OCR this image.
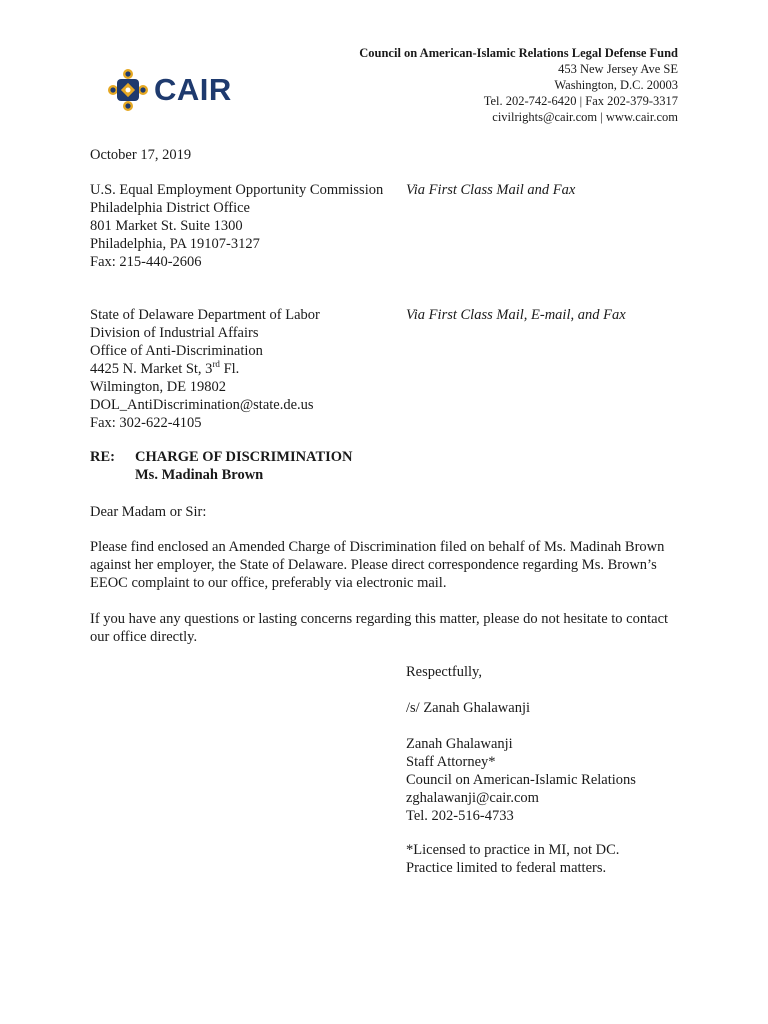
CAIR
Council on American-Islamic Relations Legal Defense Fund
453 New Jersey Ave SE
Washington, D.C. 20003
Tel. 202-742-6420 | Fax 202-379-3317
civilrights@cair.com | www.cair.com
October 17, 2019
U.S. Equal Employment Opportunity Commission
Philadelphia District Office
801 Market St. Suite 1300
Philadelphia, PA 19107-3127
Fax: 215-440-2606
Via First Class Mail and Fax
State of Delaware Department of Labor
Division of Industrial Affairs
Office of Anti-Discrimination
4425 N. Market St, 3rd Fl.
Wilmington, DE 19802
DOL_AntiDiscrimination@state.de.us
Fax: 302-622-4105
Via First Class Mail, E-mail, and Fax
RE: CHARGE OF DISCRIMINATION
Ms. Madinah Brown
Dear Madam or Sir:
Please find enclosed an Amended Charge of Discrimination filed on behalf of Ms. Madinah Brown against her employer, the State of Delaware. Please direct correspondence regarding Ms. Brown’s EEOC complaint to our office, preferably via electronic mail.
If you have any questions or lasting concerns regarding this matter, please do not hesitate to contact our office directly.
Respectfully,
/s/ Zanah Ghalawanji
Zanah Ghalawanji
Staff Attorney*
Council on American-Islamic Relations
zghalawanji@cair.com
Tel. 202-516-4733
*Licensed to practice in MI, not DC.
Practice limited to federal matters.
